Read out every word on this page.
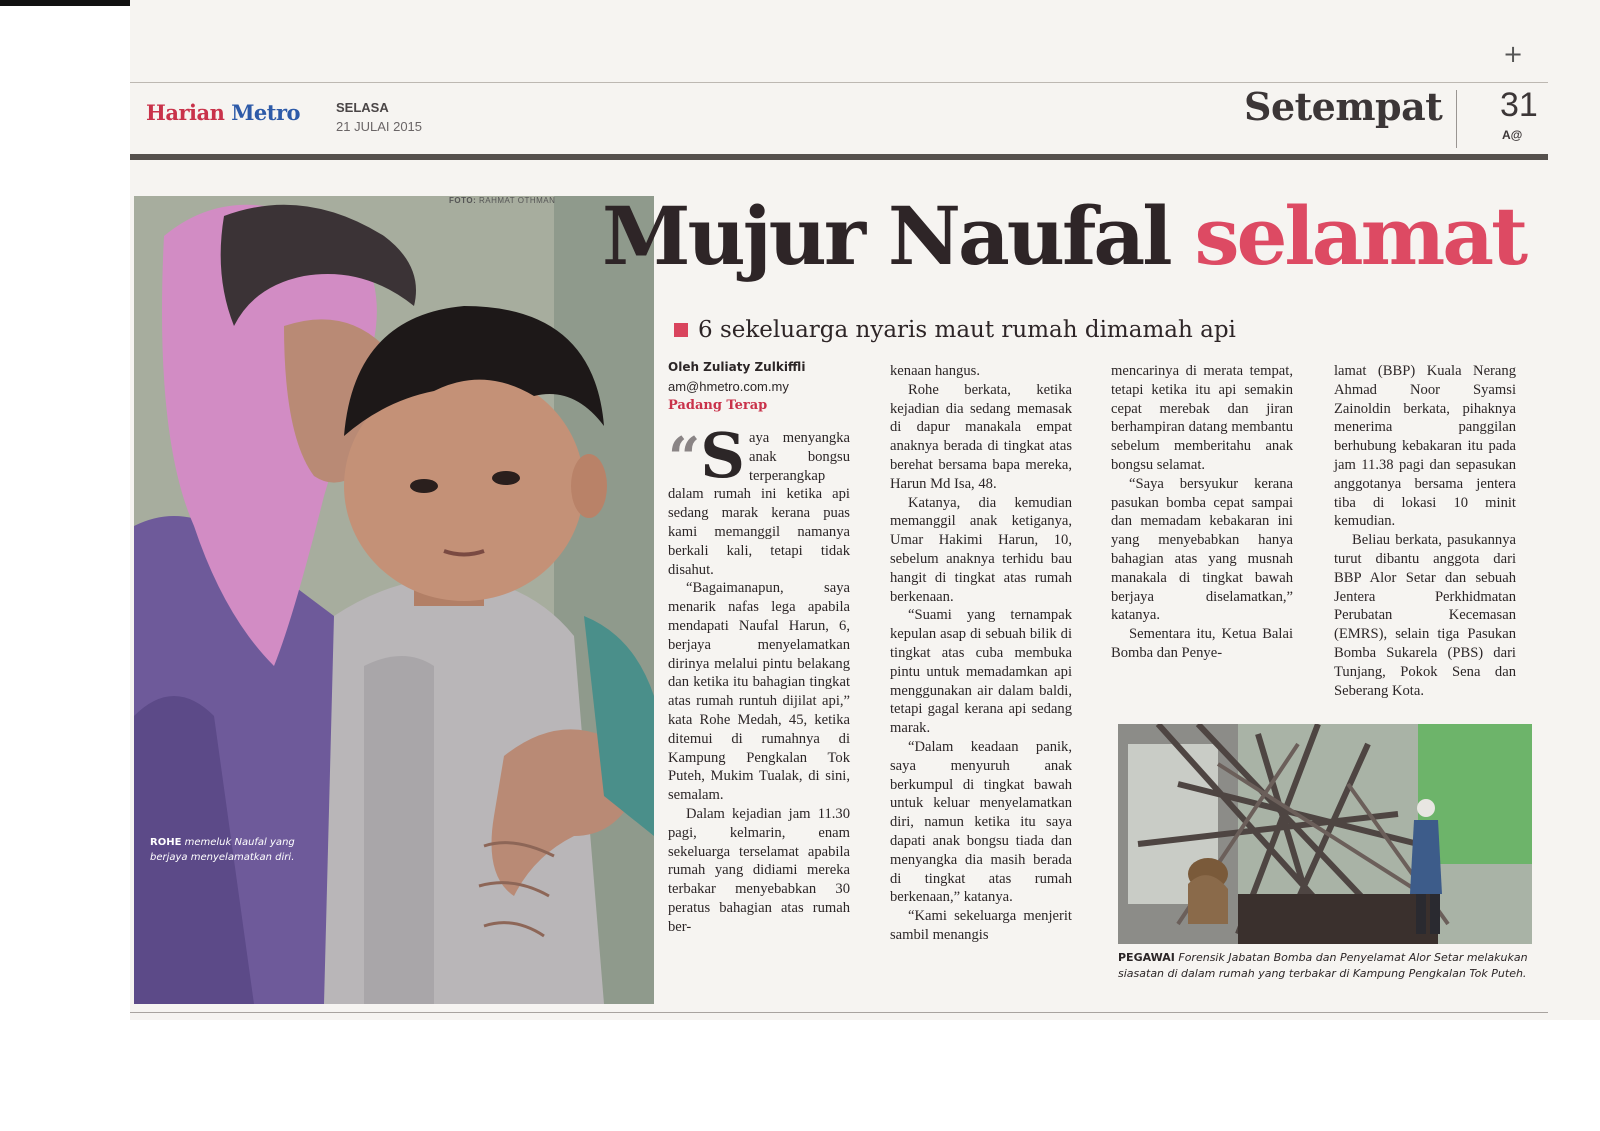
+
Harian Metro	SELASA
21 JULAI 2015	Setempat 31
A@
ROHE memeluk Naufal yang berjaya menyelamatkan diri.
FOTO: RAHMAT OTHMAN Mujur Naufal selamat
6 sekeluarga nyaris maut rumah dimamah api
Oleh Zuliaty Zulkiffli
am@hmetro.com.my
Padang Terap

“S aya menyangka anak bongsu terperangkap dalam rumah ini ketika api sedang marak kerana puas kami memanggil namanya berkali kali, tetapi tidak disahut.

“Bagaimanapun, saya menarik nafas lega apabila mendapati Naufal Harun, 6, berjaya menyelamatkan dirinya melalui pintu belakang dan ketika itu bahagian tingkat atas rumah runtuh dijilat api,” kata Rohe Medah, 45, ketika ditemui di rumahnya di Kampung Pengkalan Tok Puteh, Mukim Tualak, di sini, semalam.

Dalam kejadian jam 11.30 pagi, kelmarin, enam sekeluarga terselamat apabila rumah yang didiami mereka terbakar menyebabkan 30 peratus bahagian atas rumah ber-

kenaan hangus.

Rohe berkata, ketika kejadian dia sedang memasak di dapur manakala empat anaknya berada di tingkat atas berehat bersama bapa mereka, Harun Md Isa, 48.

Katanya, dia kemudian memanggil anak ketiganya, Umar Hakimi Harun, 10, sebelum anaknya terhidu bau hangit di tingkat atas rumah berkenaan.

“Suami yang ternampak kepulan asap di sebuah bilik di tingkat atas cuba membuka pintu untuk memadamkan api menggunakan air dalam baldi, tetapi gagal kerana api sedang marak.

“Dalam keadaan panik, saya menyuruh anak berkumpul di tingkat bawah untuk keluar menyelamatkan diri, namun ketika itu saya dapati anak bongsu tiada dan menyangka dia masih berada di tingkat atas rumah berkenaan,” katanya.

“Kami sekeluarga menjerit sambil menangis

mencarinya di merata tempat, tetapi ketika itu api semakin cepat merebak dan jiran berhampiran datang membantu sebelum memberitahu anak bongsu selamat.

“Saya bersyukur kerana pasukan bomba cepat sampai dan memadam kebakaran ini yang menyebabkan hanya bahagian atas yang musnah manakala di tingkat bawah berjaya diselamatkan,” katanya.

Sementara itu, Ketua Balai Bomba dan Penye-

lamat (BBP) Kuala Nerang Ahmad Noor Syamsi Zainoldin berkata, pihaknya menerima panggilan berhubung kebakaran itu pada jam 11.38 pagi dan sepasukan anggotanya bersama jentera tiba di lokasi 10 minit kemudian.

Beliau berkata, pasukannya turut dibantu anggota dari BBP Alor Setar dan sebuah Jentera Perkhidmatan Perubatan Kecemasan (EMRS), selain tiga Pasukan Bomba Sukarela (PBS) dari Tunjang, Pokok Sena dan Seberang Kota.

PEGAWAI Forensik Jabatan Bomba dan Penyelamat Alor Setar melakukan siasatan di dalam rumah yang terbakar di Kampung Pengkalan Tok Puteh.
